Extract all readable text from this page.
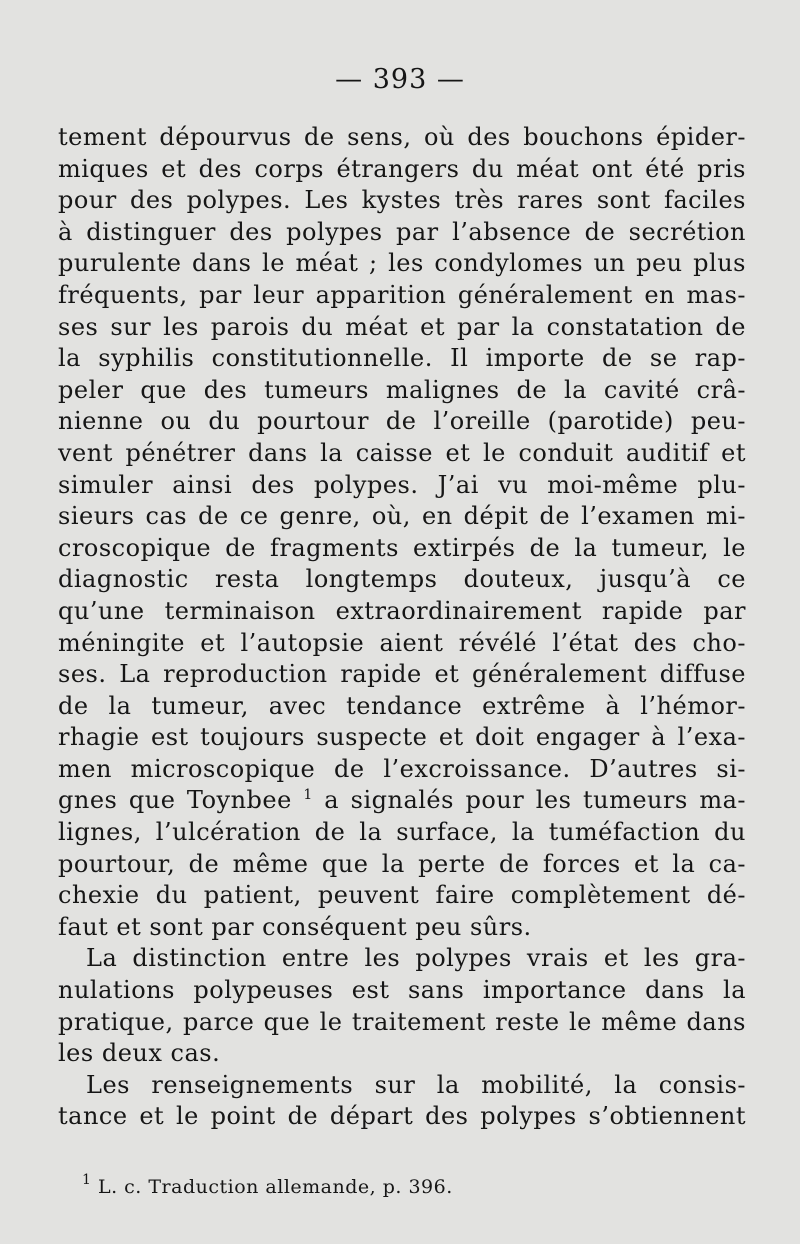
— 393 —
tement dépourvus de sens, où des bouchons épider-
miques et des corps étrangers du méat ont été pris
pour des polypes. Les kystes très rares sont faciles
à distinguer des polypes par l’absence de secrétion
purulente dans le méat ; les condylomes un peu plus
fréquents, par leur apparition généralement en mas-
ses sur les parois du méat et par la constatation de
la syphilis constitutionnelle. Il importe de se rap-
peler que des tumeurs malignes de la cavité crâ-
nienne ou du pourtour de l’oreille (parotide) peu-
vent pénétrer dans la caisse et le conduit auditif et
simuler ainsi des polypes. J’ai vu moi-même plu-
sieurs cas de ce genre, où, en dépit de l’examen mi-
croscopique de fragments extirpés de la tumeur, le
diagnostic resta longtemps douteux, jusqu’à ce
qu’une terminaison extraordinairement rapide par
méningite et l’autopsie aient révélé l’état des cho-
ses. La reproduction rapide et généralement diffuse
de la tumeur, avec tendance extrême à l’hémor-
rhagie est toujours suspecte et doit engager à l’exa-
men microscopique de l’excroissance. D’autres si-
gnes que Toynbee $^1$ a signalés pour les tumeurs ma-
lignes, l’ulcération de la surface, la tuméfaction du
pourtour, de même que la perte de forces et la ca-
chexie du patient, peuvent faire complètement dé-
faut et sont par conséquent peu sûrs.
La distinction entre les polypes vrais et les gra-
nulations polypeuses est sans importance dans la
pratique, parce que le traitement reste le même dans
les deux cas.
Les renseignements sur la mobilité, la consis-
tance et le point de départ des polypes s’obtiennent
$^1$ L. c. Traduction allemande, p. 396.
